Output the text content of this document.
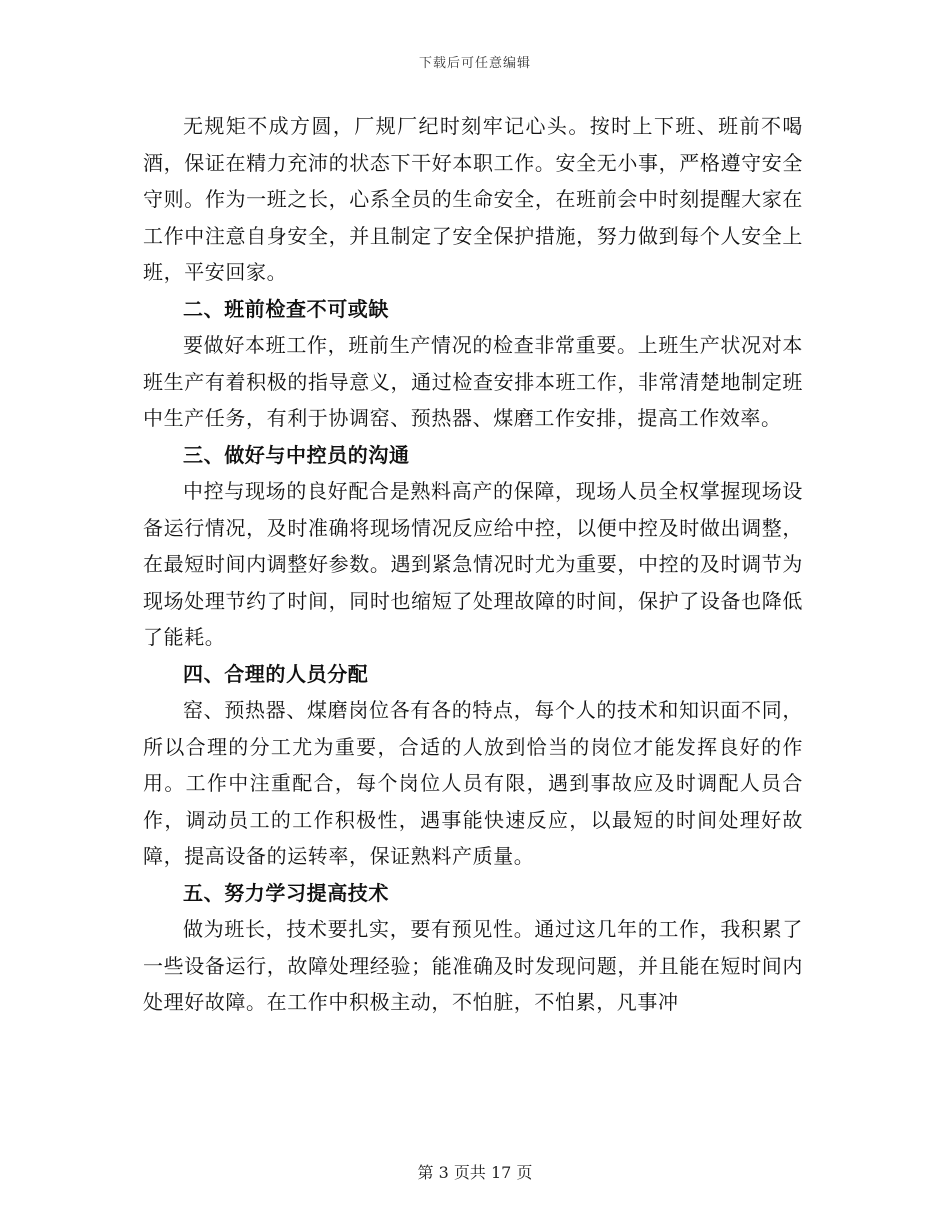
下载后可任意编辑

无规矩不成方圆，厂规厂纪时刻牢记心头。按时上下班、班前不喝酒，保证在精力充沛的状态下干好本职工作。安全无小事，严格遵守安全守则。作为一班之长，心系全员的生命安全，在班前会中时刻提醒大家在工作中注意自身安全，并且制定了安全保护措施，努力做到每个人安全上班，平安回家。

二、班前检查不可或缺

要做好本班工作，班前生产情况的检查非常重要。上班生产状况对本班生产有着积极的指导意义，通过检查安排本班工作，非常清楚地制定班中生产任务，有利于协调窑、预热器、煤磨工作安排，提高工作效率。

三、做好与中控员的沟通

中控与现场的良好配合是熟料高产的保障，现场人员全权掌握现场设备运行情况，及时准确将现场情况反应给中控，以便中控及时做出调整，在最短时间内调整好参数。遇到紧急情况时尤为重要，中控的及时调节为现场处理节约了时间，同时也缩短了处理故障的时间，保护了设备也降低了能耗。

四、合理的人员分配

窑、预热器、煤磨岗位各有各的特点，每个人的技术和知识面不同，所以合理的分工尤为重要，合适的人放到恰当的岗位才能发挥良好的作用。工作中注重配合，每个岗位人员有限，遇到事故应及时调配人员合作，调动员工的工作积极性，遇事能快速反应，以最短的时间处理好故障，提高设备的运转率，保证熟料产质量。

五、努力学习提高技术

做为班长，技术要扎实，要有预见性。通过这几年的工作，我积累了一些设备运行，故障处理经验；能准确及时发现问题，并且能在短时间内处理好故障。在工作中积极主动，不怕脏，不怕累，凡事冲

第 3 页共 17 页
